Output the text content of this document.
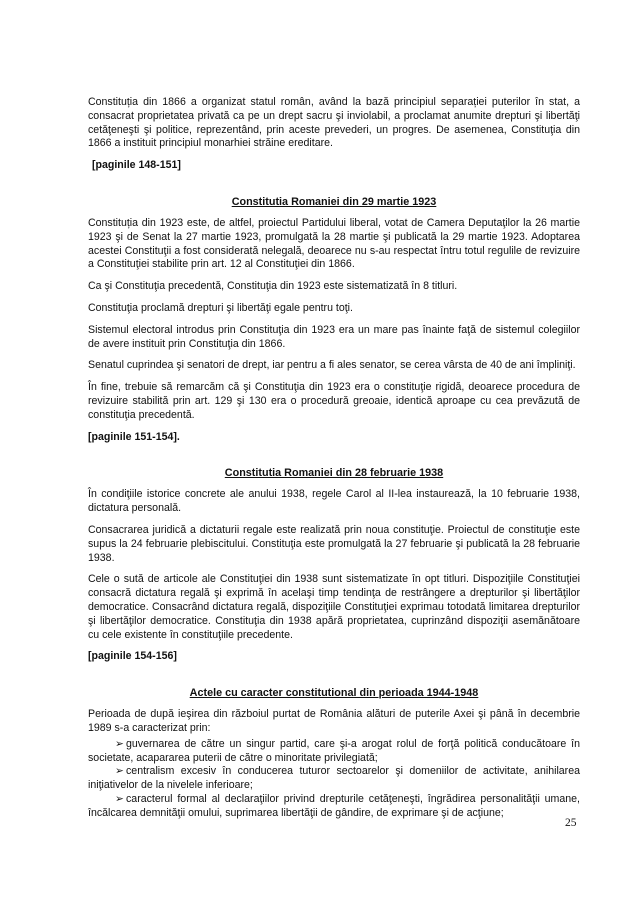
Constituția din 1866 a organizat statul român, având la bază principiul separației puterilor în stat, a consacrat proprietatea privată ca pe un drept sacru şi inviolabil, a proclamat anumite drepturi şi libertăţi cetăţeneşti şi politice, reprezentând, prin aceste prevederi, un progres. De asemenea, Constituţia din 1866 a instituit principiul monarhiei străine ereditare.

[paginile 148-151]
Constitutia Romaniei din 29 martie 1923

Constituția din 1923 este, de altfel, proiectul Partidului liberal, votat de Camera Deputaţilor la 26 martie 1923 şi de Senat la 27 martie 1923, promulgată la 28 martie şi publicată la 29 martie 1923. Adoptarea acestei Constituţii a fost considerată nelegală, deoarece nu s-au respectat întru totul regulile de revizuire a Constituţiei stabilite prin art. 12 al Constituţiei din 1866.

Ca şi Constituţia precedentă, Constituţia din 1923 este sistematizată în 8 titluri.

Constituţia proclamă drepturi şi libertăţi egale pentru toţi.

Sistemul electoral introdus prin Constituţia din 1923 era un mare pas înainte faţă de sistemul colegiilor de avere instituit prin Constituţia din 1866.

Senatul cuprindea şi senatori de drept, iar pentru a fi ales senator, se cerea vârsta de 40 de ani împliniţi.

În fine, trebuie să remarcăm că şi Constituţia din 1923 era o constituţie rigidă, deoarece procedura de revizuire stabilită prin art. 129 şi 130 era o procedură greoaie, identică aproape cu cea prevăzută de constituţia precedentă.

[paginile 151-154].
Constitutia Romaniei din 28 februarie 1938

În condiţiile istorice concrete ale anului 1938, regele Carol al II-lea instaurează, la 10 februarie 1938, dictatura personală.

Consacrarea juridică a dictaturii regale este realizată prin noua constituţie. Proiectul de constituţie este supus la 24 februarie plebiscitului. Constituţia este promulgată la 27 februarie şi publicată la 28 februarie 1938.

Cele o sută de articole ale Constituţiei din 1938 sunt sistematizate în opt titluri. Dispoziţiile Constituţiei consacră dictatura regală şi exprimă în acelaşi timp tendinţa de restrângere a drepturilor şi libertăţilor democratice. Consacrând dictatura regală, dispoziţiile Constituţiei exprimau totodată limitarea drepturilor şi libertăţilor democratice. Constituţia din 1938 apără proprietatea, cuprinzând dispoziţii asemănătoare cu cele existente în constituţiile precedente.

[paginile 154-156]
Actele cu caracter constitutional din perioada 1944-1948

Perioada de după ieşirea din războiul purtat de România alături de puterile Axei şi până în decembrie 1989 s-a caracterizat prin:

➢ guvernarea de către un singur partid, care şi-a arogat rolul de forţă politică conducătoare în societate, acapararea puterii de către o minoritate privilegiată;
➢ centralism excesiv în conducerea tuturor sectoarelor şi domeniilor de activitate, anihilarea iniţiativelor de la nivelele inferioare;
➢ caracterul formal al declaraţiilor privind drepturile cetăţeneşti, îngrădirea personalităţii umane, încălcarea demnităţii omului, suprimarea libertăţii de gândire, de exprimare şi de acţiune;
25
